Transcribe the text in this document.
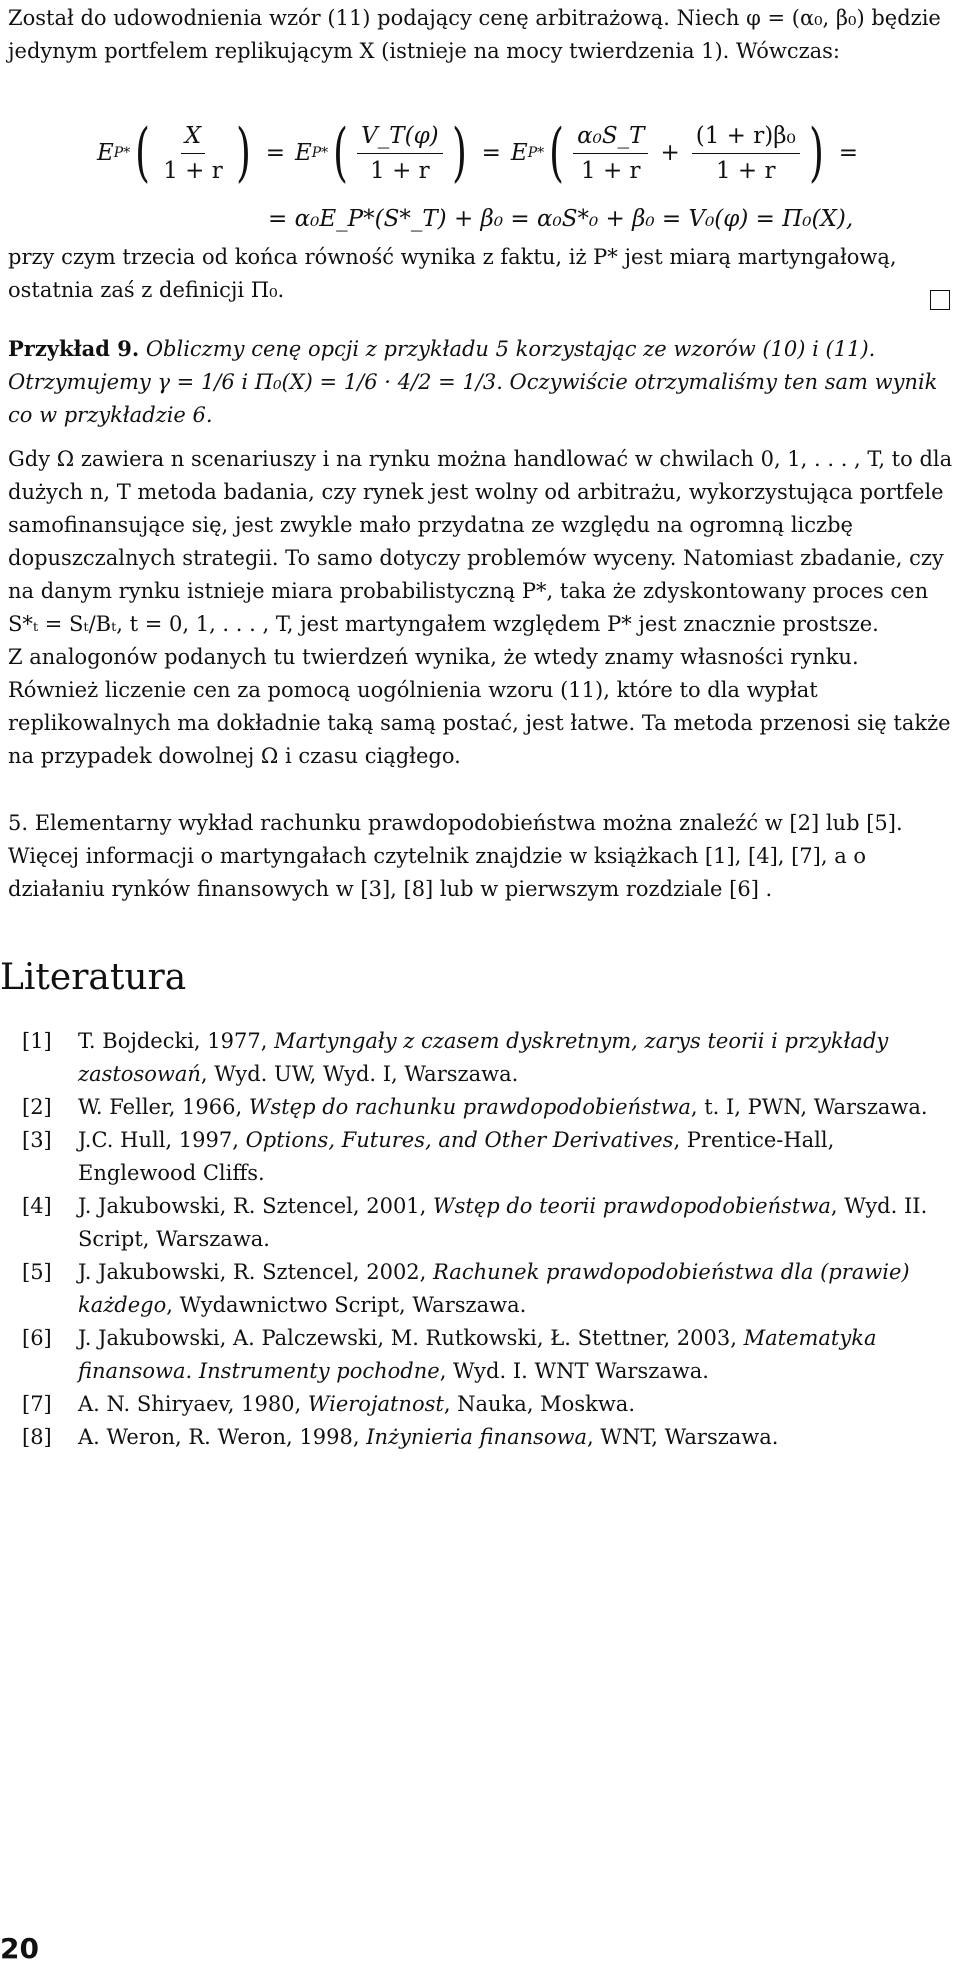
Został do udowodnienia wzór (11) podający cenę arbitrażową. Niech φ = (α₀, β₀) będzie jedynym portfelem replikującym X (istnieje na mocy twierdzenia 1). Wówczas:

E P* ( $\frac{X}{1 + r}$ ) = E P* ( $\frac{V\_T(\varphi)}{1 + r}$ ) = E P* ( $\frac{\text{α₀S\_T}}{1 + r} + \frac{\text{(1 + r)β₀}}{1 + r}$ ) =
= α₀E_P*(S*_T) + β₀ = α₀S*₀ + β₀ = V₀(φ) = Π₀(X),

przy czym trzecia od końca równość wynika z faktu, iż P* jest miarą martyngałową, ostatnia zaś z definicji Π₀.

Przykład 9. Obliczmy cenę opcji z przykładu 5 korzystając ze wzorów (10) i (11). Otrzymujemy γ = 1/6 i Π₀(X) = 1/6 · 4/2 = 1/3. Oczywiście otrzymaliśmy ten sam wynik co w przykładzie 6.

Gdy Ω zawiera n scenariuszy i na rynku można handlować w chwilach 0, 1, . . . , T, to dla dużych n, T metoda badania, czy rynek jest wolny od arbitrażu, wykorzystująca portfele samofinansujące się, jest zwykle mało przydatna ze względu na ogromną liczbę dopuszczalnych strategii. To samo dotyczy problemów wyceny. Natomiast zbadanie, czy na danym rynku istnieje miara probabilistyczną P*, taka że zdyskontowany proces cen S*ₜ = Sₜ/Bₜ, t = 0, 1, . . . , T, jest martyngałem względem P* jest znacznie prostsze.

Z analogonów podanych tu twierdzeń wynika, że wtedy znamy własności rynku.

Również liczenie cen za pomocą uogólnienia wzoru (11), które to dla wypłat replikowalnych ma dokładnie taką samą postać, jest łatwe. Ta metoda przenosi się także na przypadek dowolnej Ω i czasu ciągłego.

5. Elementarny wykład rachunku prawdopodobieństwa można znaleźć w [2] lub [5]. Więcej informacji o martyngałach czytelnik znajdzie w książkach [1], [4], [7], a o działaniu rynków finansowych w [3], [8] lub w pierwszym rozdziale [6] .

Literatura

[1] T. Bojdecki, 1977, Martyngały z czasem dyskretnym, zarys teorii i przykłady zastosowań, Wyd. UW, Wyd. I, Warszawa.

[2] W. Feller, 1966, Wstęp do rachunku prawdopodobieństwa, t. I, PWN, Warszawa.

[3] J.C. Hull, 1997, Options, Futures, and Other Derivatives, Prentice-Hall, Englewood Cliffs.

[4] J. Jakubowski, R. Sztencel, 2001, Wstęp do teorii prawdopodobieństwa, Wyd. II. Script, Warszawa.

[5] J. Jakubowski, R. Sztencel, 2002, Rachunek prawdopodobieństwa dla (prawie) każdego, Wydawnictwo Script, Warszawa.

[6] J. Jakubowski, A. Palczewski, M. Rutkowski, Ł. Stettner, 2003, Matematyka finansowa. Instrumenty pochodne, Wyd. I. WNT Warszawa.

[7] A. N. Shiryaev, 1980, Wierojatnost, Nauka, Moskwa.

[8] A. Weron, R. Weron, 1998, Inżynieria finansowa, WNT, Warszawa.

20
